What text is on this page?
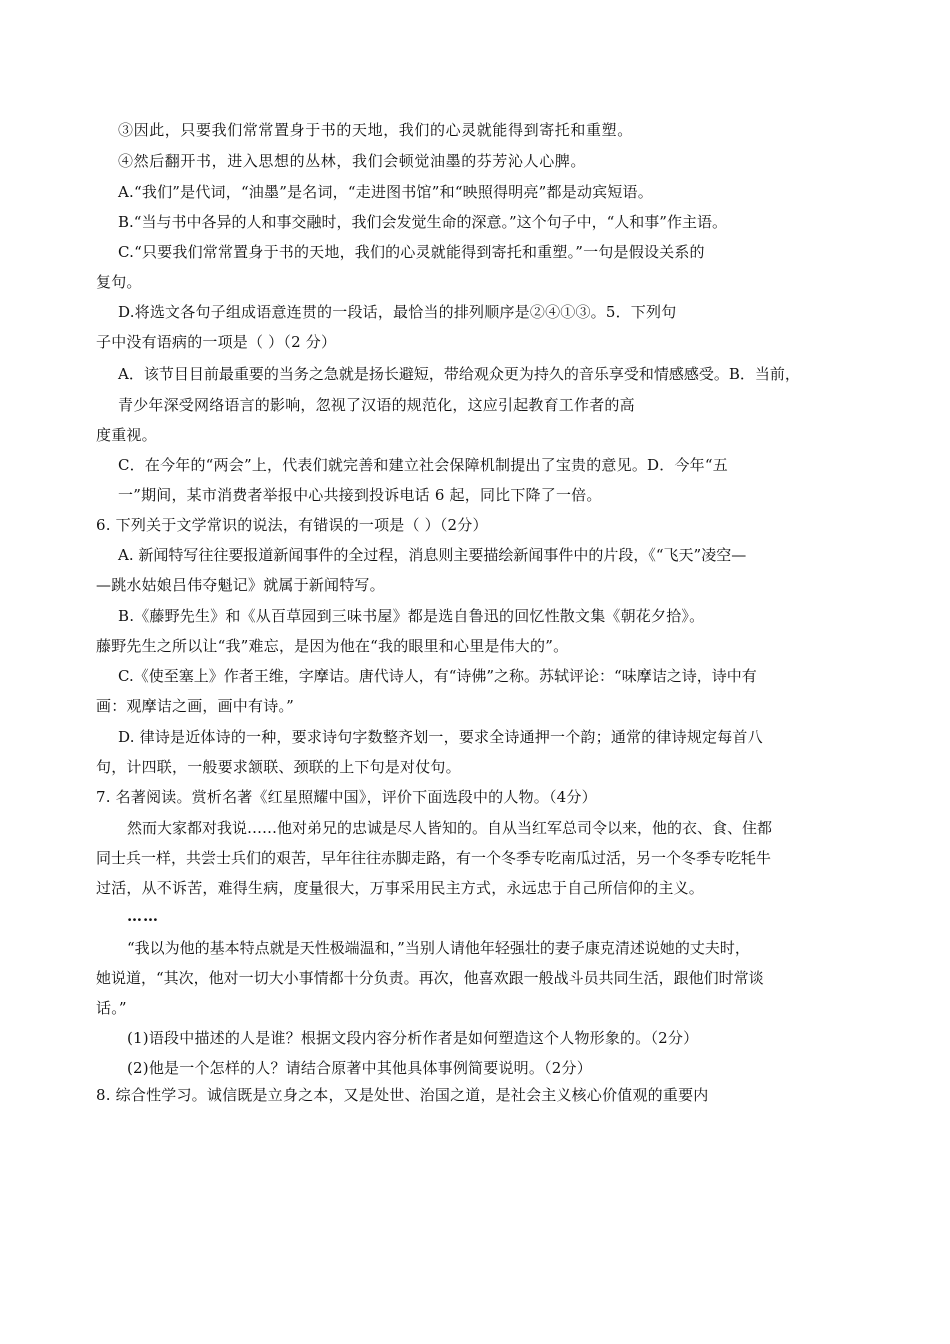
③因此，只要我们常常置身于书的天地，我们的心灵就能得到寄托和重塑。
④然后翻开书，进入思想的丛林，我们会顿觉油墨的芬芳沁人心脾。
A.“我们”是代词，“油墨”是名词，“走进图书馆”和“映照得明亮”都是动宾短语。
B.“当与书中各异的人和事交融时，我们会发觉生命的深意。”这个句子中，“人和事”作主语。
C.“只要我们常常置身于书的天地，我们的心灵就能得到寄托和重塑。”一句是假设关系的
复句。
D.将选文各句子组成语意连贯的一段话，最恰当的排列顺序是②④①③。5．下列句
子中没有语病的一项是（ ）（2 分）
A．该节目目前最重要的当务之急就是扬长避短，带给观众更为持久的音乐享受和情感感受。B．当前，
青少年深受网络语言的影响，忽视了汉语的规范化，这应引起教育工作者的高
度重视。
C．在今年的“两会”上，代表们就完善和建立社会保障机制提出了宝贵的意见。D．今年“五
一”期间，某市消费者举报中心共接到投诉电话 6 起，同比下降了一倍。
6. 下列关于文学常识的说法，有错误的一项是（ ）（2分）
A. 新闻特写往往要报道新闻事件的全过程，消息则主要描绘新闻事件中的片段，《“飞天”凌空—
—跳水姑娘吕伟夺魁记》就属于新闻特写。
B.《藤野先生》和《从百草园到三味书屋》都是选自鲁迅的回忆性散文集《朝花夕拾》。
藤野先生之所以让“我”难忘，是因为他在“我的眼里和心里是伟大的”。
C.《使至塞上》作者王维，字摩诘。唐代诗人，有“诗佛”之称。苏轼评论：“味摩诘之诗，诗中有
画：观摩诘之画，画中有诗。”
D. 律诗是近体诗的一种，要求诗句字数整齐划一，要求全诗通押一个韵；通常的律诗规定每首八
句，计四联，一般要求颔联、颈联的上下句是对仗句。
7. 名著阅读。赏析名著《红星照耀中国》，评价下面选段中的人物。（4分）
然而大家都对我说……他对弟兄的忠诚是尽人皆知的。自从当红军总司令以来，他的衣、食、住都
同士兵一样，共尝士兵们的艰苦，早年往往赤脚走路，有一个冬季专吃南瓜过活，另一个冬季专吃牦牛
过活，从不诉苦，难得生病，度量很大，万事采用民主方式，永远忠于自己所信仰的主义。
……
“我以为他的基本特点就是天性极端温和，”当别人请他年轻强壮的妻子康克清述说她的丈夫时，
她说道，“其次，他对一切大小事情都十分负责。再次，他喜欢跟一般战斗员共同生活，跟他们时常谈
话。”
(1)语段中描述的人是谁？根据文段内容分析作者是如何塑造这个人物形象的。（2分）
(2)他是一个怎样的人？请结合原著中其他具体事例简要说明。（2分）
8. 综合性学习。诚信既是立身之本，又是处世、治国之道，是社会主义核心价值观的重要内
